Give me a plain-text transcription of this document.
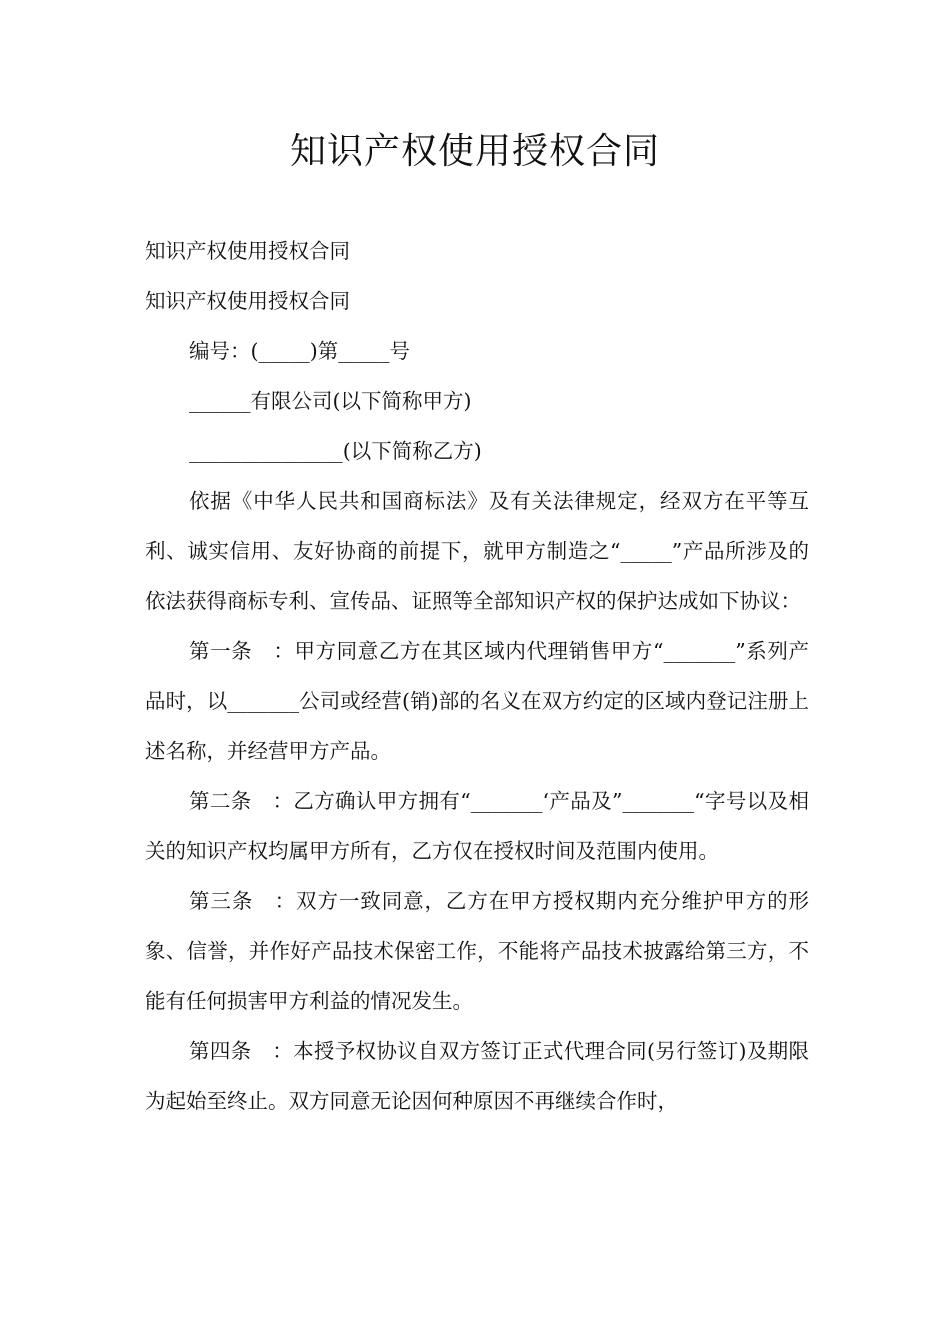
知识产权使用授权合同
知识产权使用授权合同
知识产权使用授权合同
编号：(_____)第_____号
______有限公司(以下简称甲方)
_______________(以下简称乙方)

依据《中华人民共和国商标法》及有关法律规定，经双方在平等互利、诚实信用、友好协商的前提下，就甲方制造之“_____”产品所涉及的依法获得商标专利、宣传品、证照等全部知识产权的保护达成如下协议：

第一条　：甲方同意乙方在其区域内代理销售甲方“_______”系列产品时，以_______公司或经营(销)部的名义在双方约定的区域内登记注册上述名称，并经营甲方产品。

第二条　：乙方确认甲方拥有“_______‘产品及”_______“字号以及相关的知识产权均属甲方所有，乙方仅在授权时间及范围内使用。

第三条　：双方一致同意，乙方在甲方授权期内充分维护甲方的形象、信誉，并作好产品技术保密工作，不能将产品技术披露给第三方，不能有任何损害甲方利益的情况发生。

第四条　：本授予权协议自双方签订正式代理合同(另行签订)及期限为起始至终止。双方同意无论因何种原因不再继续合作时，
